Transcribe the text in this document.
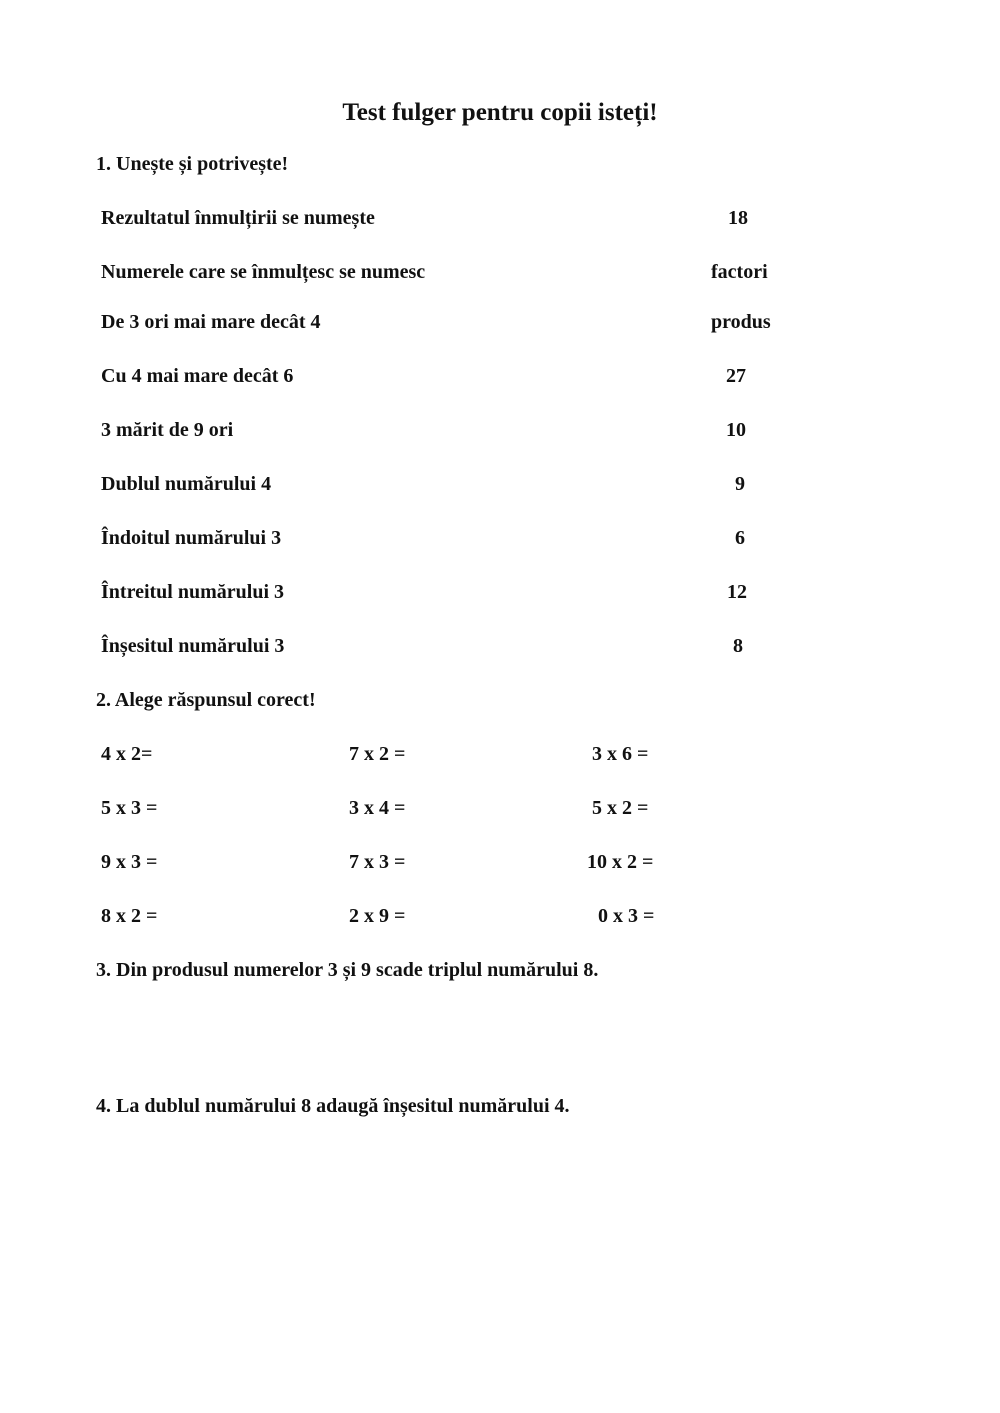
Test fulger pentru copii isteți!
1. Unește și potrivește!
Rezultatul înmulțirii se numește
Numerele care se înmulțesc se numesc
De 3 ori mai mare decât 4
Cu 4 mai mare decât 6
3 mărit de 9 ori
Dublul numărului 4
Îndoitul numărului 3
Întreitul numărului 3
Înșesitul numărului 3
18
factori
produs
27
10
9
6
12
8
2. Alege răspunsul corect!
4 x 2=
5 x 3 =
9 x 3 =
8 x 2 =
7 x 2 =
3 x 4 =
7 x 3 =
2 x 9 =
3 x 6 =
5 x 2 =
10 x 2 =
0 x 3 =
3. Din produsul numerelor 3 și 9 scade triplul numărului 8.
4. La dublul numărului 8 adaugă înșesitul numărului 4.
